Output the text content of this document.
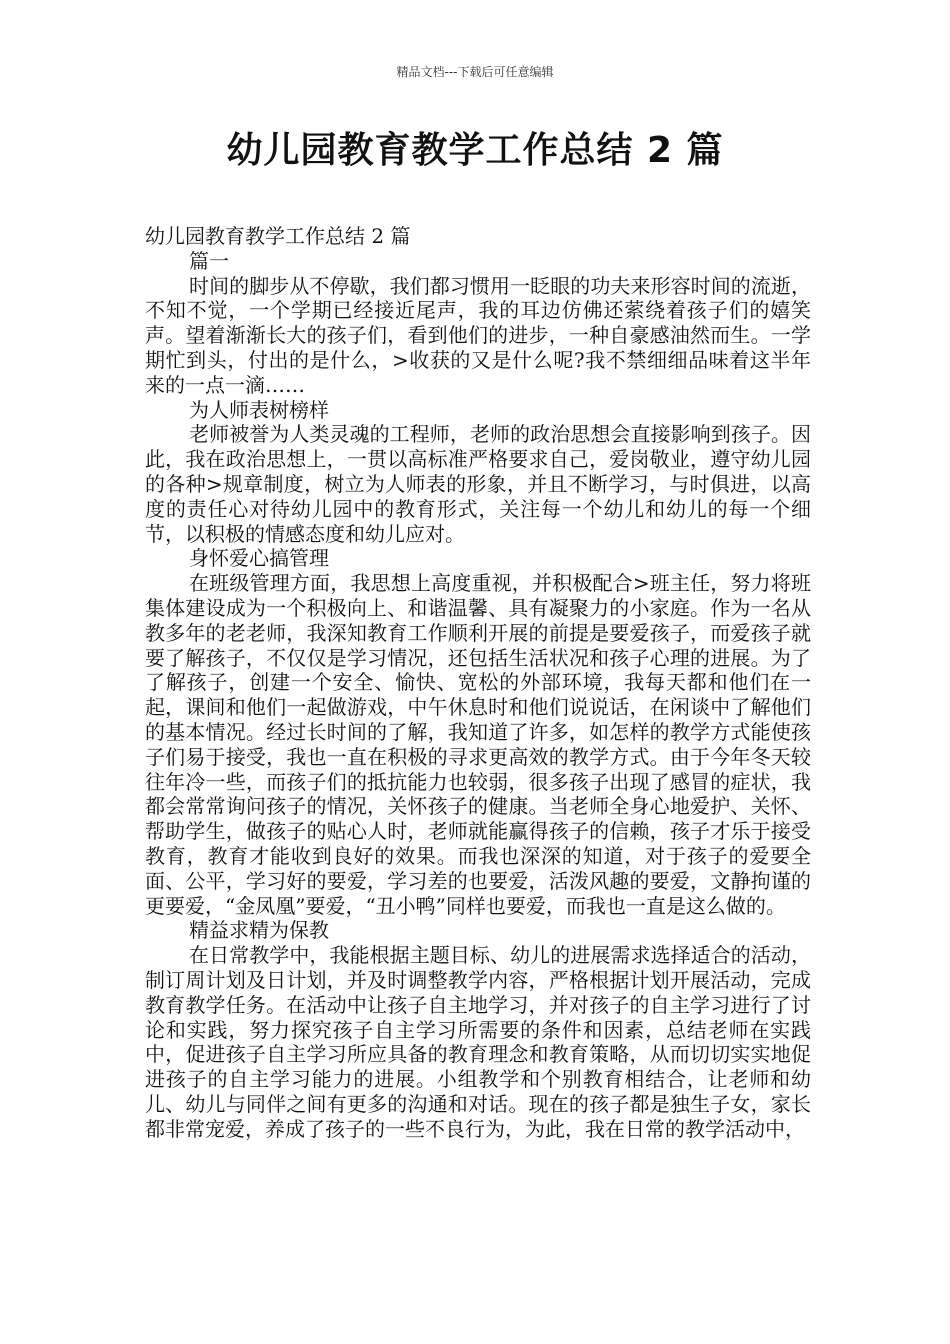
精品文档---下载后可任意编辑
幼儿园教育教学工作总结 2 篇

幼儿园教育教学工作总结 2 篇

篇一

时间的脚步从不停歇，我们都习惯用一眨眼的功夫来形容时间的流逝，不知不觉，一个学期已经接近尾声，我的耳边仿佛还萦绕着孩子们的嬉笑声。望着渐渐长大的孩子们，看到他们的进步，一种自豪感油然而生。一学期忙到头，付出的是什么，>收获的又是什么呢?我不禁细细品味着这半年来的一点一滴……

为人师表树榜样

老师被誉为人类灵魂的工程师，老师的政治思想会直接影响到孩子。因此，我在政治思想上，一贯以高标准严格要求自己，爱岗敬业，遵守幼儿园的各种>规章制度，树立为人师表的形象，并且不断学习，与时俱进，以高度的责任心对待幼儿园中的教育形式，关注每一个幼儿和幼儿的每一个细节，以积极的情感态度和幼儿应对。

身怀爱心搞管理

在班级管理方面，我思想上高度重视，并积极配合>班主任，努力将班集体建设成为一个积极向上、和谐温馨、具有凝聚力的小家庭。作为一名从教多年的老老师，我深知教育工作顺利开展的前提是要爱孩子，而爱孩子就要了解孩子，不仅仅是学习情况，还包括生活状况和孩子心理的进展。为了了解孩子，创建一个安全、愉快、宽松的外部环境，我每天都和他们在一起，课间和他们一起做游戏，中午休息时和他们说说话，在闲谈中了解他们的基本情况。经过长时间的了解，我知道了许多，如怎样的教学方式能使孩子们易于接受，我也一直在积极的寻求更高效的教学方式。由于今年冬天较往年冷一些，而孩子们的抵抗能力也较弱，很多孩子出现了感冒的症状，我都会常常询问孩子的情况，关怀孩子的健康。当老师全身心地爱护、关怀、帮助学生，做孩子的贴心人时，老师就能赢得孩子的信赖，孩子才乐于接受教育，教育才能收到良好的效果。而我也深深的知道，对于孩子的爱要全面、公平，学习好的要爱，学习差的也要爱，活泼风趣的要爱，文静拘谨的更要爱，“金凤凰”要爱，“丑小鸭”同样也要爱，而我也一直是这么做的。

精益求精为保教

在日常教学中，我能根据主题目标、幼儿的进展需求选择适合的活动，制订周计划及日计划，并及时调整教学内容，严格根据计划开展活动，完成教育教学任务。在活动中让孩子自主地学习，并对孩子的自主学习进行了讨论和实践，努力探究孩子自主学习所需要的条件和因素，总结老师在实践中，促进孩子自主学习所应具备的教育理念和教育策略，从而切切实实地促进孩子的自主学习能力的进展。小组教学和个别教育相结合，让老师和幼儿、幼儿与同伴之间有更多的沟通和对话。现在的孩子都是独生子女，家长都非常宠爱，养成了孩子的一些不良行为，为此，我在日常的教学活动中，
